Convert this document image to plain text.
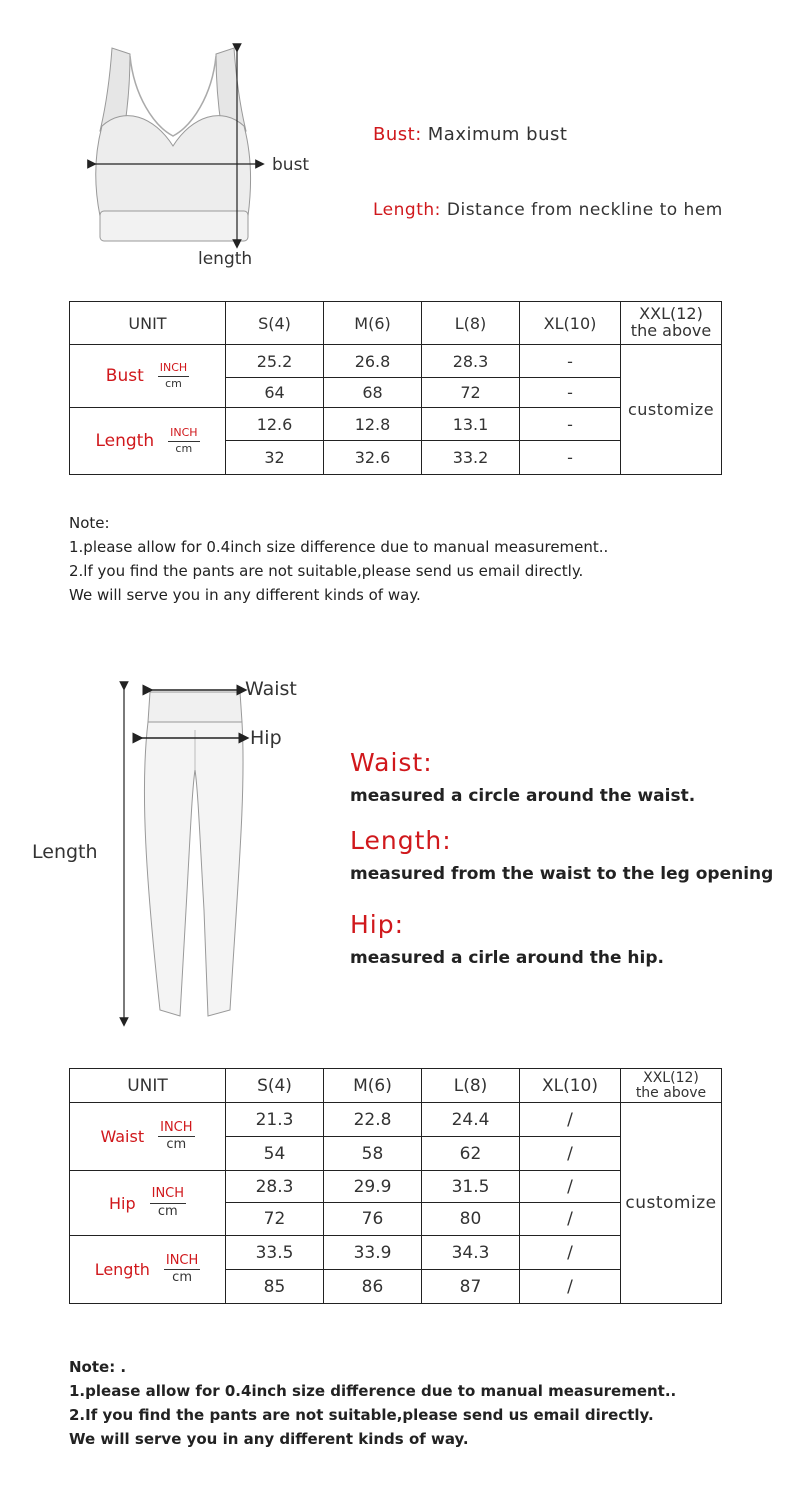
bust
length
Bust: Maximum bust
Length: Distance from neckline to hem
UNIT	S(4)	M(6)	L(8)	XL(10)	XXL(12)
the above

Bust $\frac{\text{INCH}}{cm}$	25.2	26.8	28.3	-	customize
	64	68	72	-	

Length $\frac{\text{INCH}}{cm}$	12.6	12.8	13.1	-	
	32	32.6	33.2	-	
Note:
1.please allow for 0.4inch size difference due to manual measurement..
2.lf you find the pants are not suitable,please send us email directly.
We will serve you in any different kinds of way.
Waist
Hip
Length
Waist:
measured a circle around the waist.
Length:
measured from the waist to the leg opening
Hip:
measured a cirle around the hip.
UNIT	S(4)	M(6)	L(8)	XL(10)	XXL(12)
the above

Waist $\frac{\text{INCH}}{cm}$	21.3	22.8	24.4	/	customize
	54	58	62	/	

Hip $\frac{\text{INCH}}{cm}$	28.3	29.9	31.5	/	
	72	76	80	/	

Length $\frac{\text{INCH}}{cm}$	33.5	33.9	34.3	/	
	85	86	87	/	
Note: .
1.please allow for 0.4inch size difference due to manual measurement..
2.If you find the pants are not suitable,please send us email directly.
We will serve you in any different kinds of way.
